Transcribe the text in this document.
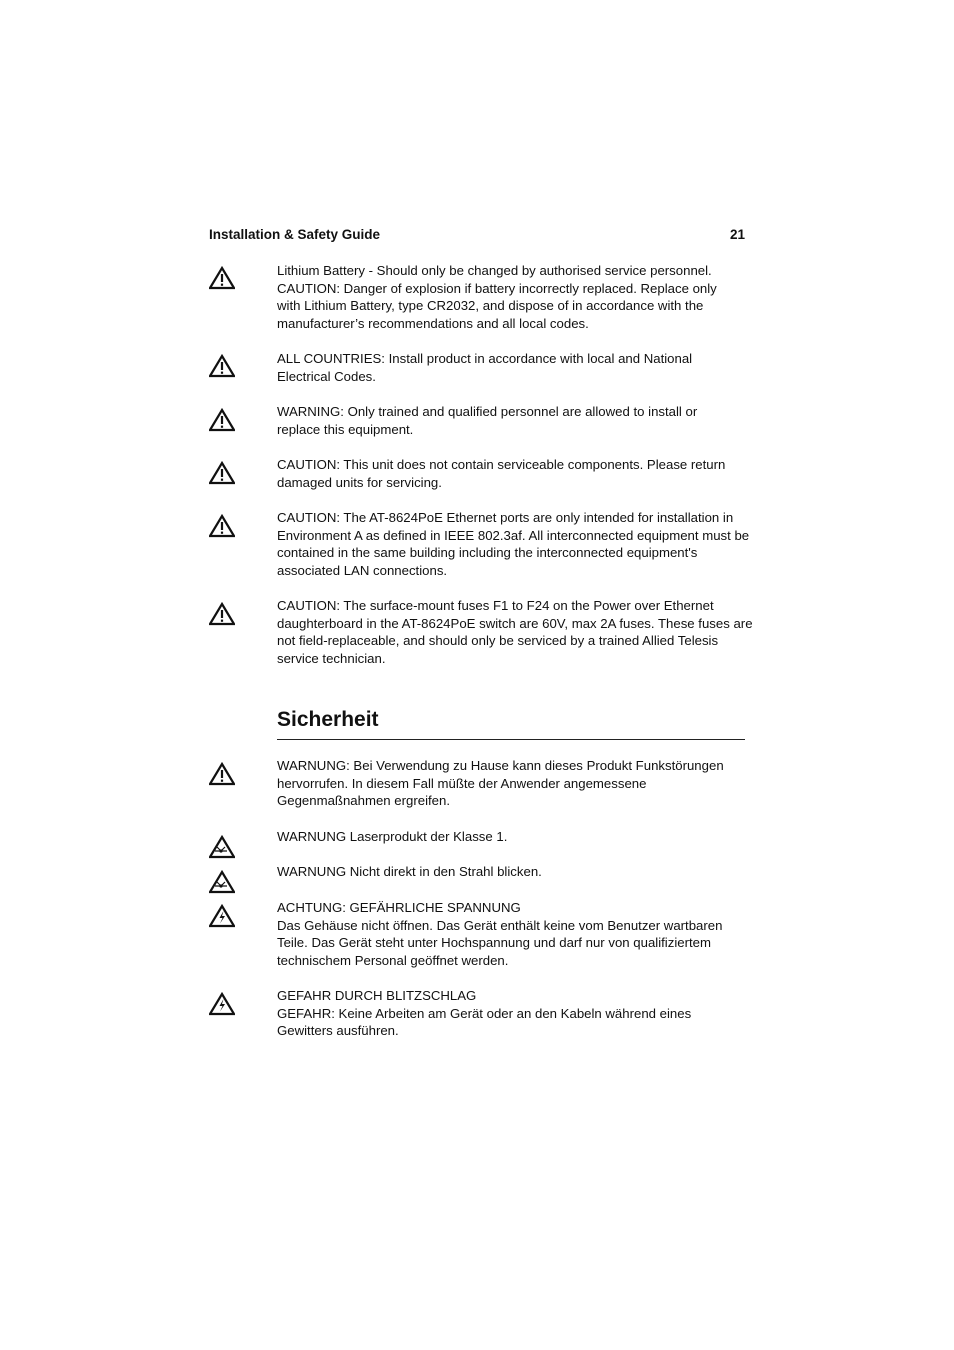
Installation & Safety Guide	21
Lithium Battery - Should only be changed by authorised service personnel.
CAUTION: Danger of explosion if battery incorrectly replaced. Replace only
with Lithium Battery, type CR2032, and dispose of in accordance with the
manufacturer’s recommendations and all local codes.
ALL COUNTRIES: Install product in accordance with local and National
Electrical Codes.
WARNING: Only trained and qualified personnel are allowed to install or
replace this equipment.
CAUTION: This unit does not contain serviceable components. Please return
damaged units for servicing.
CAUTION: The AT-8624PoE Ethernet ports are only intended for installation in
Environment A as defined in IEEE 802.3af. All interconnected equipment must be
contained in the same building including the interconnected equipment's
associated LAN connections.
CAUTION: The surface-mount fuses F1 to F24 on the Power over Ethernet
daughterboard in the AT-8624PoE switch are 60V, max 2A fuses. These fuses are
not field-replaceable, and should only be serviced by a trained Allied Telesis
service technician.
Sicherheit
WARNUNG: Bei Verwendung zu Hause kann dieses Produkt Funkstörungen
hervorrufen. In diesem Fall müßte der Anwender angemessene
Gegenmaßnahmen ergreifen.
WARNUNG Laserprodukt der Klasse 1.
WARNUNG Nicht direkt in den Strahl blicken.
ACHTUNG: GEFÄHRLICHE SPANNUNG
Das Gehäuse nicht öffnen. Das Gerät enthält keine vom Benutzer wartbaren
Teile. Das Gerät steht unter Hochspannung und darf nur von qualifiziertem
technischem Personal geöffnet werden.
GEFAHR DURCH BLITZSCHLAG
GEFAHR: Keine Arbeiten am Gerät oder an den Kabeln während eines
Gewitters ausführen.
